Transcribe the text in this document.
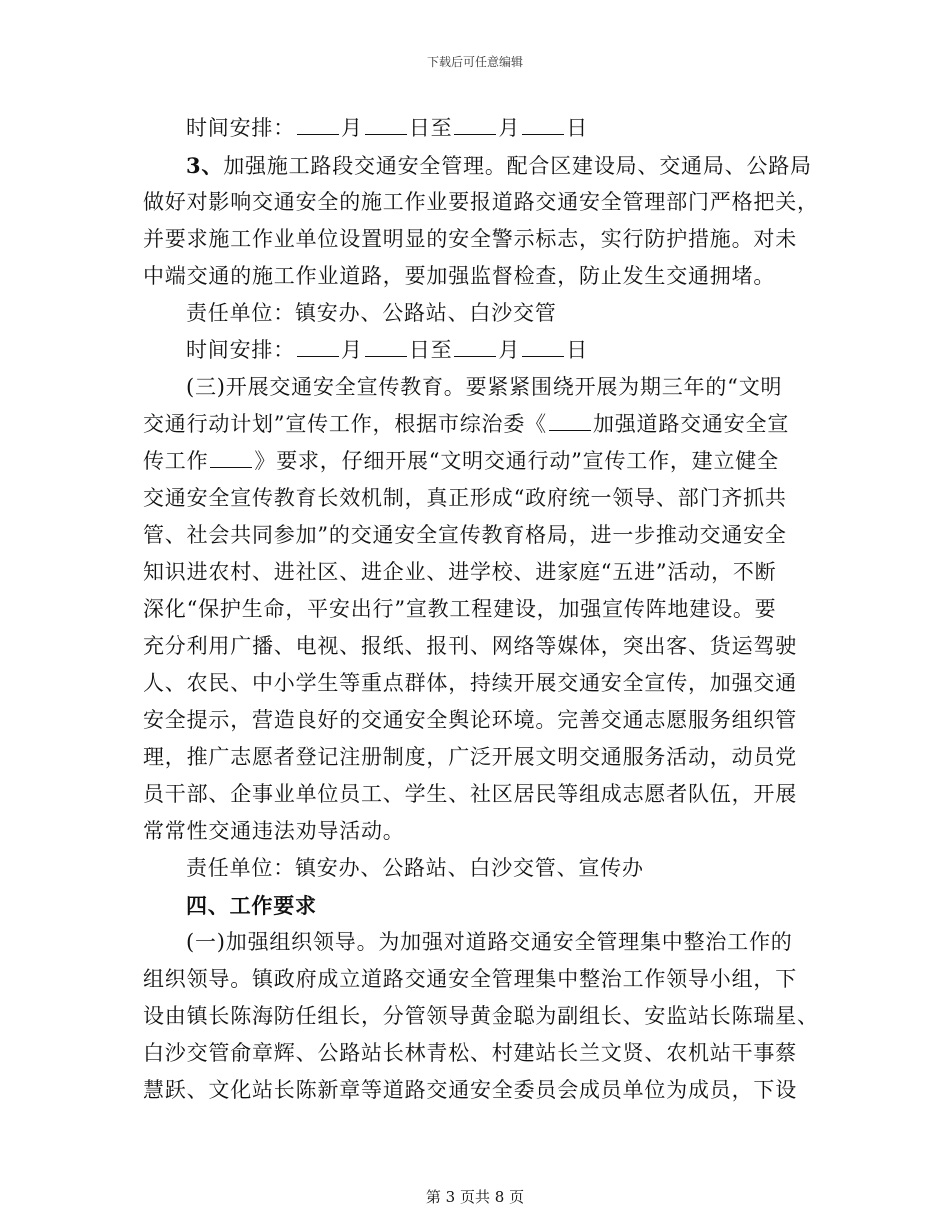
下载后可任意编辑
时间安排： 月 日至 月 日
3、加强施工路段交通安全管理。配合区建设局、交通局、公路局
做好对影响交通安全的施工作业要报道路交通安全管理部门严格把关，
并要求施工作业单位设置明显的安全警示标志，实行防护措施。对未
中端交通的施工作业道路，要加强监督检查，防止发生交通拥堵。
责任单位：镇安办、公路站、白沙交管
时间安排： 月 日至 月 日
(三)开展交通安全宣传教育。要紧紧围绕开展为期三年的“文明
交通行动计划”宣传工作，根据市综治委《 加强道路交通安全宣
传工作 》要求，仔细开展“文明交通行动”宣传工作，建立健全
交通安全宣传教育长效机制，真正形成“政府统一领导、部门齐抓共
管、社会共同参加”的交通安全宣传教育格局，进一步推动交通安全
知识进农村、进社区、进企业、进学校、进家庭“五进”活动，不断
深化“保护生命，平安出行”宣教工程建设，加强宣传阵地建设。要
充分利用广播、电视、报纸、报刊、网络等媒体，突出客、货运驾驶
人、农民、中小学生等重点群体，持续开展交通安全宣传，加强交通
安全提示，营造良好的交通安全舆论环境。完善交通志愿服务组织管
理，推广志愿者登记注册制度，广泛开展文明交通服务活动，动员党
员干部、企事业单位员工、学生、社区居民等组成志愿者队伍，开展
常常性交通违法劝导活动。
责任单位：镇安办、公路站、白沙交管、宣传办
四、工作要求
(一)加强组织领导。为加强对道路交通安全管理集中整治工作的
组织领导。镇政府成立道路交通安全管理集中整治工作领导小组，下
设由镇长陈海防任组长，分管领导黄金聪为副组长、安监站长陈瑞星、
白沙交管俞章辉、公路站长林青松、村建站长兰文贤、农机站干事蔡
慧跃、文化站长陈新章等道路交通安全委员会成员单位为成员，下设
第 3 页共 8 页
